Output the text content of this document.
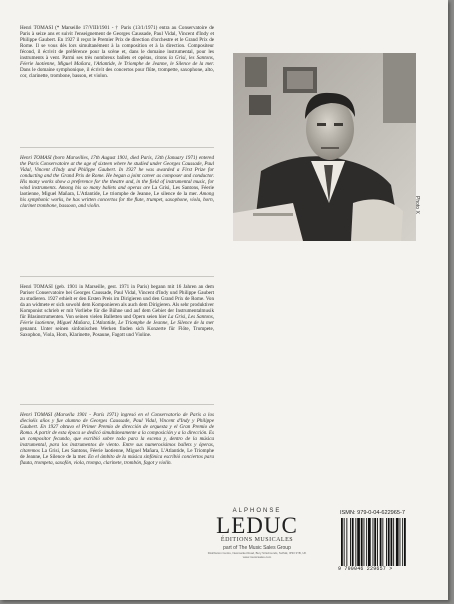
Henri TOMASI (* Marseille 17/VIII/1901 - † Paris (13/1/1971) entra au Conservatoire de Paris à seize ans et suivit l'enseignement de Georges Caussade, Paul Vidal, Vincent d'Indy et Philippe Gaubert. En 1927 il reçut le Premier Prix de direction d'orchestre et le Grand Prix de Rome. Il se vous dès lors simultanément à la composition et à la direction. Compositeur fécond, il écrivit de préférence pour la scène et, dans le domaine instrumental, pour les instruments à vent. Parmi ses très nombreux ballets et opéras, citons la Grisi, les Santons, Féerie laotienne, Miguel Mañara, l'Atlantide, le Triomphe de Jeanne, le Silence de la mer. Dans le domaine symphonique, il écrivit des concertos pour flûte, trompette, saxophone, alto, cor, clarinette, trombone, basson, et violon.

Henri TOMASI (born Marseilles, 17th August 1901, died Paris, 13th (January 1971) entered the Paris Conservatoire at the age of sixteen where he studied under Georges Caussade, Paul Vidal, Vincent d'Indy and Philippe Gaubert. In 1927 he was awarded a First Prize for conducting and the Grand Prix de Rome. He began a joint career as composer and conductor. His many works show a preference for the theatre and, in the field of instrumental music, for wind instruments. Among his so many ballets and operas are La Grisi, Les Santons, Féerie laotienne, Miguel Mañara, L'Atlantide, Le triomphe de Jeanne, Le silence de la mer. Among his symphonic works, he has written concertos for the flute, trumpet, saxophone, viola, horn, clarinet trombone, bassoon, and violin.

Henri TOMASI (geb. 1901 in Marseille, gest. 1971 in Paris) begann mit 16 Jahren an dem Pariser Conservatoire bei Georges Caussade, Paul Vidal, Vincent d'Indy und Philippe Gaubert zu studieren. 1927 erhielt er den Ersten Preis im Dirigieren und den Grand Prix de Rome. Von da an widmete er sich sowohl dem Komponieren als auch dem Dirigieren. Als sehr produktiver Komponist schrieb er mit Vorliebe für die Bühne und auf dem Gebiet der Instrumentalmusik für Blasinstrumenten. Von seinen vielen Balletten und Opern seien hier La Grisi, Les Santons, Féerie laotienne, Miguel Mañara, L'Atlantide, Le Triomphe de Jeanne, Le Silence de la mer genannt. Unter seinen sinfonischen Werken finden sich Konzerte für Flöte, Trompete, Saxophon, Viola, Horn, Klarinette, Posaune, Fagott und Violine.

Henri TOMASI (Marsella 1901 - París 1971) ingresó en el Conservatorio de París a los dieciséis años y fue alumno de Georges Caussade, Paul Vidal, Vincent d'Indy y Philippe Gaubert. En 1927 obtuvo el Primer Premio de dirección de orquesta y el Gran Premio de Roma. A partir de esta época se dedicó simultáneamente a la composición y a la dirección. Es un compositor fecundo, que escribió sobre todo para la escena y, dentro de la música instrumental, para los instrumentos de viento. Entre sus numerosísimos ballets y óperas, citaremos La Grisi, Les Santons, Féerie laotienne, Miguel Mañara, L'Atlantide, Le Triomphe de Jeanne, Le Silence de la mer. En el ámbito de la música sinfónica escribió conciertos para flauta, trompeta, saxofón, viola, trompa, clarinete, trombón, fagot y violín.

Photo X
ALPHONSE
LEDUC
ÉDITIONS MUSICALES
part of The Music Sales Group
Distribution Centre, Newmarket Road, Bury St Edmunds, Suffolk, IP33 3YB, UK
www.musicsales.com
ISMN: 979-0-04-622965-7
9 790046 229657 >
